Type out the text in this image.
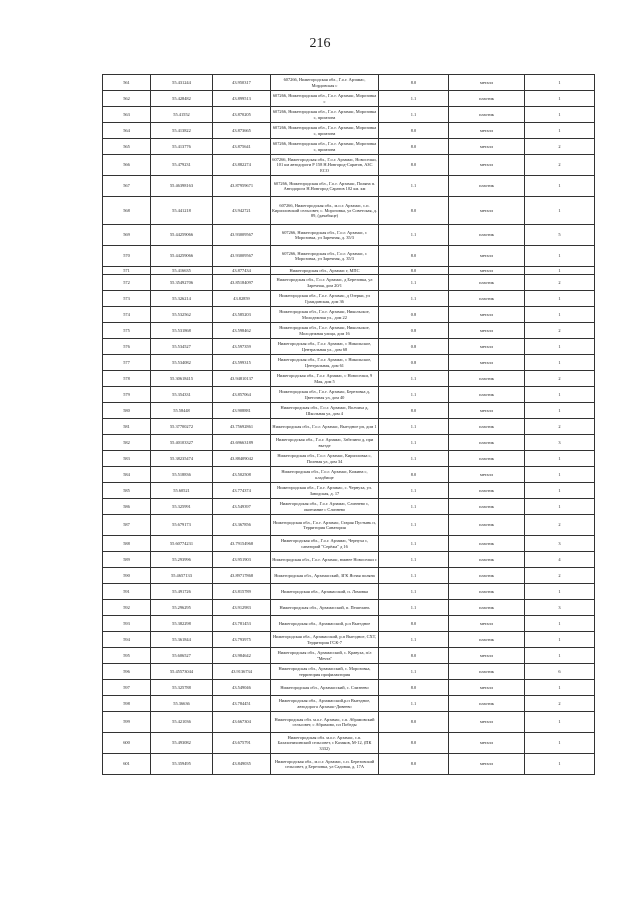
216
561	55.431244	43.950317	607266, Нижегородская обл., Г.о.г. Арзамас, Мордовская с	8.0	металл	1
562	55.428482	43.899513	607266, Нижегородская обл., Г.о.г. Арзамас, Морозовка с	1.1	пластик	1
563	55.41552	43.870205	607266, Нижегородская обл., Г.о.г. Арзамас, Морозовка с, промзона	1.1	пластик	1
564	55.413822	43.873665	607266, Нижегородская обл., Г.о.г. Арзамас, Морозовка с, промзона	8.0	металл	1
565	55.413776	43.875641	607266, Нижегородская обл., Г.о.г. Арзамас, Морозовка с, промзона	8.0	металл	2
566	55.479231	43.882274	607266, Нижегородская обл., Г.о.г. Арзамас, Новоселки, 101 км автодороги Р 158 Н.Новгород-Саратов, АЗС ЕСО	8.0	металл	2
567	55.46398163	43.87959671	607266, Нижегородская обл., Г.о.г. Арзамас, Поляна п. Автодорога Н.Новгород Саратов 102 км. км	1.1	пластик	1
568	55.441218	43.942721	607266, Нижегородская обл., м.о.г. Арзамас, с.п. Кирилловский сельсовет, с. Морозовка, ул Советская, д. 89, (дачабыце)	8.0	металл	1
569	55.44259066	43.93009567	607266, Нижегородская обл., Г.о.г. Арзамас, с Морозовка, ул Заречная, д. 35/3	1.1	пластик	5
570	55.44259066	43.93009567	607266, Нижегородская обл., Г.о.г. Арзамас, с Морозовка, ул Заречная, д. 35/3	8.0	металл	1
571	55.416635	43.877434	Нижегородская обл., Арзамас г, МПС	8.0	металл	1
572	55.35492706	43.85184097	Нижегородская обл., Г.о.г. Арзамас, д Березовка, ул Заречная, дом 20/1	1.1	пластик	2
573	55.326214	43.82859	Нижегородская обл., Г.о.г. Арзамас, д Озерки, ул Гражданская, дом 36	1.1	пластик	1
574	55.532562	43.585203	Нижегородская обл., Г.о.г. Арзамас, Никольское, Молодежная ул., дом 22	0.8	металл	1
575	55.531868	43.598462	Нижегородская обл., Г.о.г. Арзамас, Никольское, Молодежная улица, дом 16	0.8	металл	2
576	55.534527	43.597359	Нижегородская обл., Г.о.г. Арзамас, с Никольское, Центральная ул., дом 68	0.8	металл	1
577	55.534082	43.599315	Нижегородская обл., Г.о.г. Арзамас, с Никольское, Центральная, дом 61	0.8	металл	1
578	55.30618415	43.94810137	Нижегородская обл., Г.о.г. Арзамас, с Новоселки, 9 Мая, дом 5	1.1	пластик	2
579	55.354331	43.857064	Нижегородская обл., Г.о.г. Арзамас, Березовка д, Цветочная ул, дом 40	1.1	пластик	1
580	55.58448	43.908881	Нижегородская обл., Г.о.г. Арзамас, Волчиха д, Школьная ул, дом 4	8.0	металл	1
581	55.37700272	43.75692861	Нижегородская обл., Г.о.г. Арзамас, Выездное рп, дом 1	1.1	пластик	2
582	55.40103327	43.69663189	Нижегородская обл., Г.о.г. Арзамас, Забелино д, при въезде	1.1	пластик	3
583	55.38235474	43.88409042	Нижегородская обл., Г.о.г. Арзамас, Кирилловка с, Полевая ул, дом 34	1.1	пластик	1
584	55.518836	43.502508	Нижегородская обл., Г.о.г. Арзамас, Кожина с, кладбище	8.0	металл	1
585	55.60521	43.774374	Нижегородская обл., Г.о.г. Арзамас, с. Чернуха, ул. Заводская, д. 17	1.1	пластик	1
586	55.325991	43.549397	Нижегородская обл., Г.о.г. Арзамас, Слизнево с, окончание с Слизнево	1.1	пластик	1
587	55.679173	43.367856	Нижегородская обл., Г.о.г. Арзамас, Старая Пустынь п, Территория Санатория	1.1	пластик	2
588	55.60774231	43.79154968	Нижегородская обл., Г.о.г. Арзамас, Чернуха с, санаторий "Серёжа" д 16	1.1	пластик	3
589	55.293996	43.951903	Нижегородская обл., Г.о.г. Арзамас, южнее Новоселки с	1.1	пластик	4
590	55.4657133	43.89717868	Нижегородская обл., Арзамасский, ЗГК Ясная поляна	1.1	пластик	2
591	55.491726	43.815789	Нижегородская обл., Арзамасский, п. Ломовка	1.1	пластик	1
592	55.296295	43.912983	Нижегородская обл., Арзамасский, п. Пешелань	1.1	пластик	3
593	55.382298	43.781453	Нижегородская обл., Арзамасский, р.п Выездное	8.0	металл	1
594	55.361844	43.793975	Нижегородская обл., Арзамасский, р.п Выездное, СХТ, Территория ГСК-7	1.1	пластик	1
595	55.606527	43.984642	Нижегородская обл., Арзамасский, с. Кравуха, п/л "Мечта"	8.0	металл	1
596	55.45573044	43.9136734	Нижегородская обл., Арзамасский, с. Морозовка, территория профилактория	1.1	пластик	6
597	55.325788	43.549046	Нижегородская обл., Арзамасский, с. Слизнево	8.0	металл	1
598	55.36636	43.784451	Нижегородская обл., Арзамасский,р.п Выездное, автодорога Арзамас-Дивеево	1.1	пластик	2
599	55.421036	43.667304	Нижегородская обл. м.о.г. Арзамас, с.п. Абрамовский сельсовет, с Абрамово, пл Победы	8.0	металл	1
600	55.493082	43.675791	Нижегородская обл. м.о.г. Арзамас, с.п. Балахонихинский сельсовет, с Казаков, М-12, (ПК 3332)	8.0	металл	1
601	55.359495	43.849035	Нижегородская обл., м.о.г. Арзамас, с.п. Березовский сельсовет, д Березовка, ул Садовая, д. 17А	8.0	металл	1
